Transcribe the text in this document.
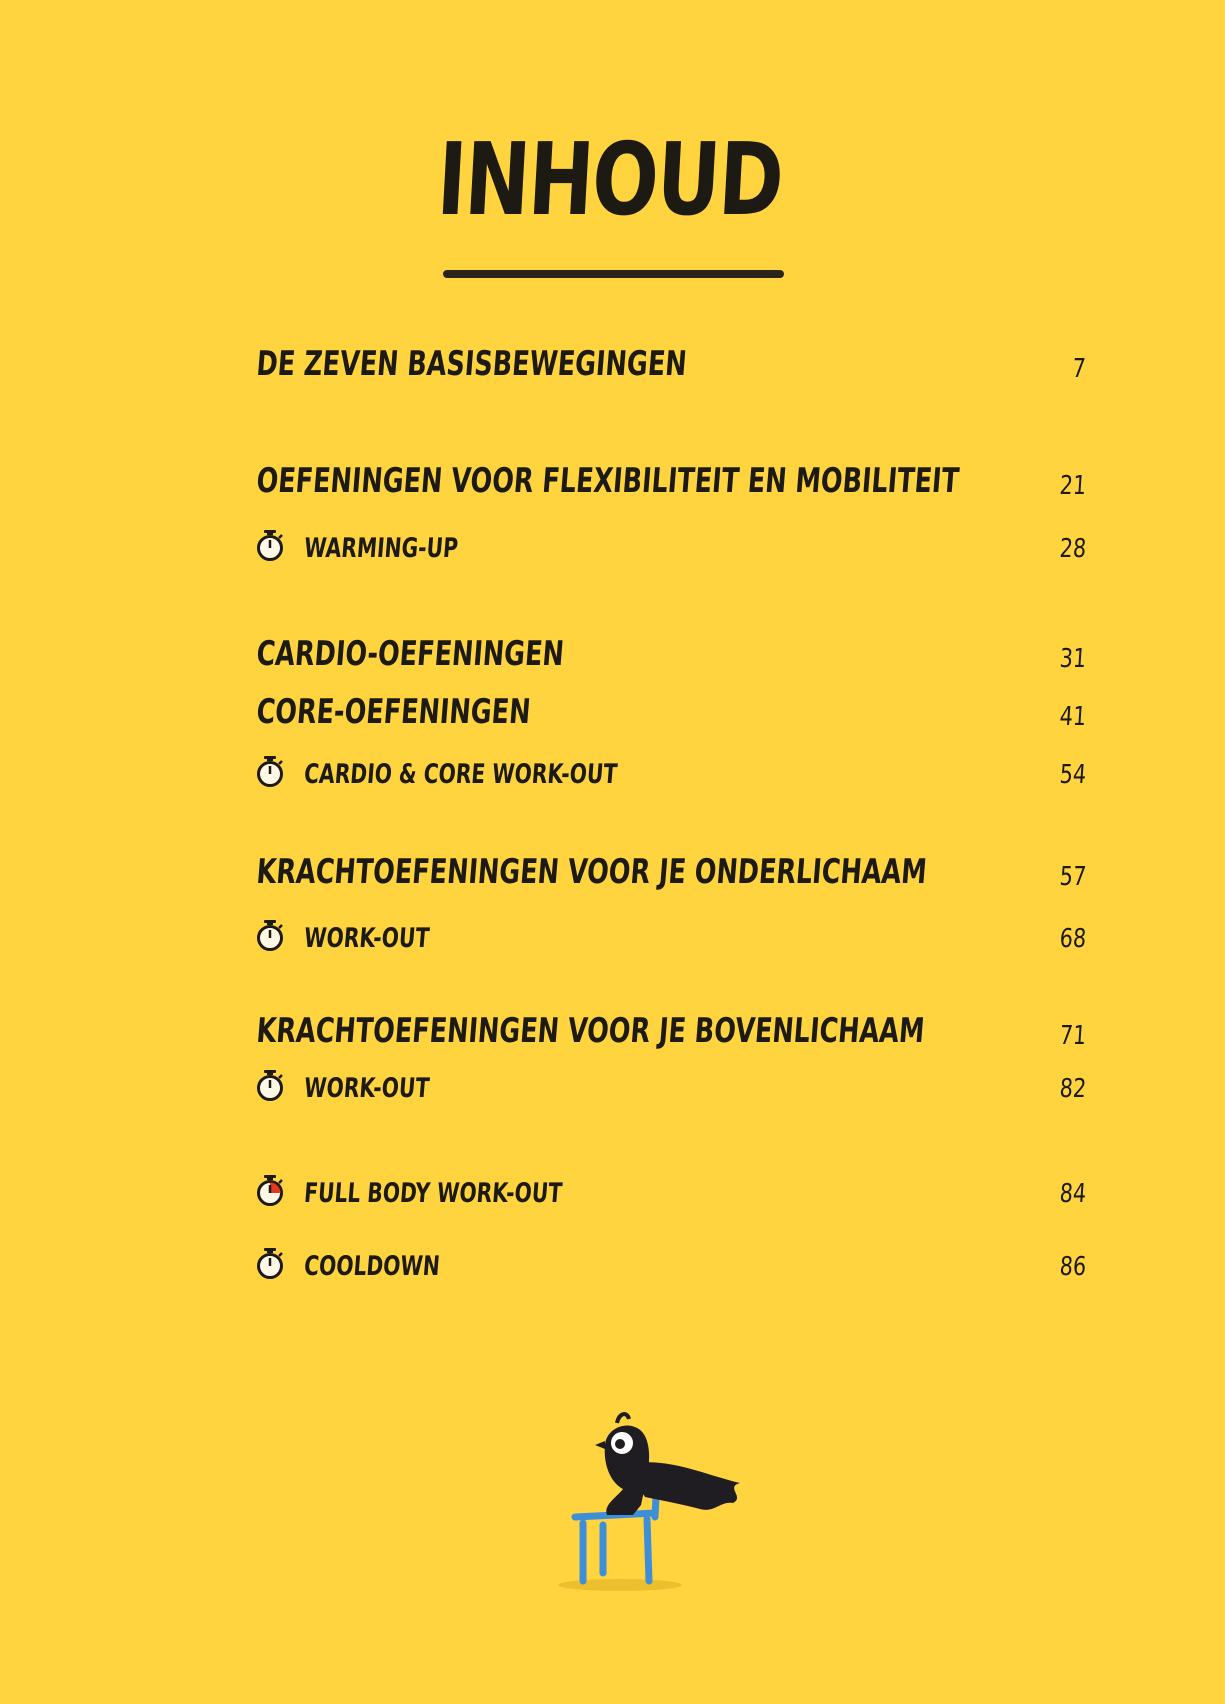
INHOUD
DE ZEVEN BASISBEWEGINGEN	7
OEFENINGEN VOOR FLEXIBILITEIT EN MOBILITEIT	21
WARMING-UP	28
CARDIO-OEFENINGEN	31
CORE-OEFENINGEN	41
CARDIO & CORE WORK-OUT	54
KRACHTOEFENINGEN VOOR JE ONDERLICHAAM	57
WORK-OUT	68
KRACHTOEFENINGEN VOOR JE BOVENLICHAAM	71
WORK-OUT	82
FULL BODY WORK-OUT	84
COOLDOWN	86
